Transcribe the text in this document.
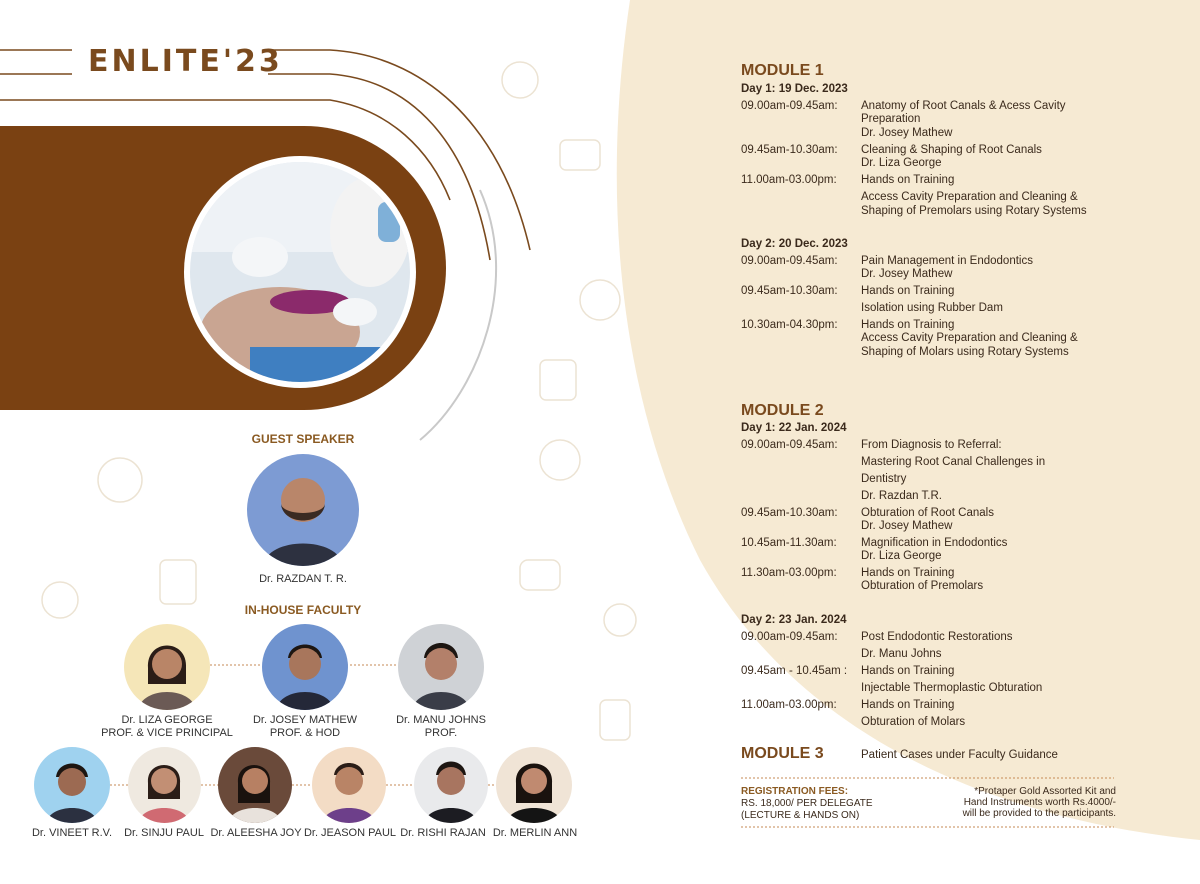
ENLITE'23
GUEST SPEAKER
Dr. RAZDAN T. R.
IN-HOUSE FACULTY
Dr. LIZA GEORGE
PROF. & VICE PRINCIPAL
Dr. JOSEY MATHEW
PROF. & HOD
Dr. MANU JOHNS
PROF.
Dr. VINEET R.V.	Dr. SINJU PAUL Dr. ALEESHA JOY Dr. JEASON PAUL Dr. RISHI RAJAN Dr. MERLIN ANN
MODULE 1
Day 1: 19 Dec. 2023
09.00am-09.45am: Anatomy of Root Canals & Acess Cavity
Preparation
Dr. Josey Mathew
09.45am-10.30am: Cleaning & Shaping of Root Canals
Dr. Liza George
11.00am-03.00pm: Hands on Training
Access Cavity Preparation and Cleaning &
Shaping of Premolars using Rotary Systems
Day 2: 20 Dec. 2023
09.00am-09.45am: Pain Management in Endodontics
Dr. Josey Mathew
09.45am-10.30am: Hands on Training
Isolation using Rubber Dam
10.30am-04.30pm: Hands on Training
Access Cavity Preparation and Cleaning &
Shaping of Molars using Rotary Systems
MODULE 2
Day 1: 22 Jan. 2024
09.00am-09.45am: From Diagnosis to Referral:
Mastering Root Canal Challenges in
Dentistry
Dr. Razdan T.R.
09.45am-10.30am: Obturation of Root Canals
Dr. Josey Mathew
10.45am-11.30am: Magnification in Endodontics
Dr. Liza George
11.30am-03.00pm: Hands on Training
Obturation of Premolars
Day 2: 23 Jan. 2024
09.00am-09.45am: Post Endodontic Restorations
Dr. Manu Johns
09.45am - 10.45am : Hands on Training
Injectable Thermoplastic Obturation
11.00am-03.00pm: Hands on Training
Obturation of Molars
MODULE 3	Patient Cases under Faculty Guidance
REGISTRATION FEES:
RS. 18,000/ PER DELEGATE
(LECTURE & HANDS ON)
*Protaper Gold Assorted Kit and
Hand Instruments worth Rs.4000/-
will be provided to the participants.
